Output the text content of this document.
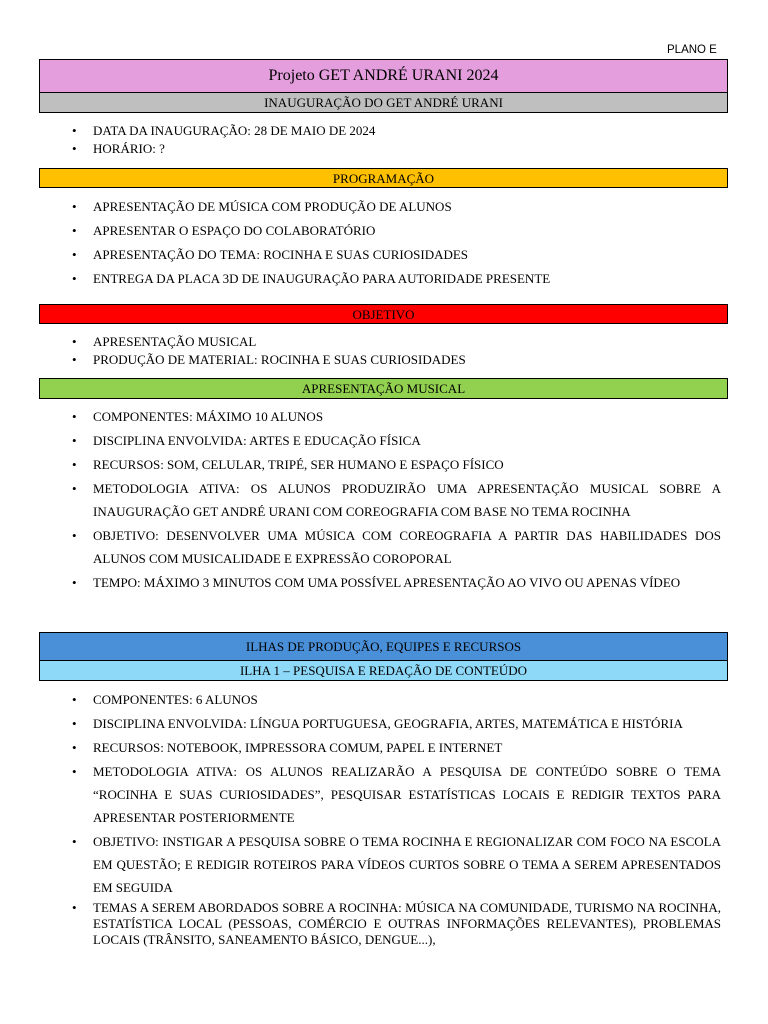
PLANO E
Projeto GET ANDRÉ URANI 2024
INAUGURAÇÃO DO GET ANDRÉ URANI
• DATA DA INAUGURAÇÃO: 28 DE MAIO DE 2024
• HORÁRIO: ?
PROGRAMAÇÃO
• APRESENTAÇÃO DE MÚSICA COM PRODUÇÃO DE ALUNOS
• APRESENTAR O ESPAÇO DO COLABORATÓRIO
• APRESENTAÇÃO DO TEMA: ROCINHA E SUAS CURIOSIDADES
• ENTREGA DA PLACA 3D DE INAUGURAÇÃO PARA AUTORIDADE PRESENTE
OBJETIVO
• APRESENTAÇÃO MUSICAL
• PRODUÇÃO DE MATERIAL: ROCINHA E SUAS CURIOSIDADES
APRESENTAÇÃO MUSICAL
• COMPONENTES: MÁXIMO 10 ALUNOS
• DISCIPLINA ENVOLVIDA: ARTES E EDUCAÇÃO FÍSICA
• RECURSOS: SOM, CELULAR, TRIPÉ, SER HUMANO E ESPAÇO FÍSICO
• METODOLOGIA ATIVA: OS ALUNOS PRODUZIRÃO UMA APRESENTAÇÃO MUSICAL SOBRE A INAUGURAÇÃO GET ANDRÉ URANI COM COREOGRAFIA COM BASE NO TEMA ROCINHA
• OBJETIVO: DESENVOLVER UMA MÚSICA COM COREOGRAFIA A PARTIR DAS HABILIDADES DOS ALUNOS COM MUSICALIDADE E EXPRESSÃO COROPORAL
• TEMPO: MÁXIMO 3 MINUTOS COM UMA POSSÍVEL APRESENTAÇÃO AO VIVO OU APENAS VÍDEO
ILHAS DE PRODUÇÃO, EQUIPES E RECURSOS
ILHA 1 – PESQUISA E REDAÇÃO DE CONTEÚDO
• COMPONENTES: 6 ALUNOS
• DISCIPLINA ENVOLVIDA: LÍNGUA PORTUGUESA, GEOGRAFIA, ARTES, MATEMÁTICA E HISTÓRIA
• RECURSOS: NOTEBOOK, IMPRESSORA COMUM, PAPEL E INTERNET
• METODOLOGIA ATIVA: OS ALUNOS REALIZARÃO A PESQUISA DE CONTEÚDO SOBRE O TEMA “ROCINHA E SUAS CURIOSIDADES”, PESQUISAR ESTATÍSTICAS LOCAIS E REDIGIR TEXTOS PARA APRESENTAR POSTERIORMENTE
• OBJETIVO: INSTIGAR A PESQUISA SOBRE O TEMA ROCINHA E REGIONALIZAR COM FOCO NA ESCOLA EM QUESTÃO; E REDIGIR ROTEIROS PARA VÍDEOS CURTOS SOBRE O TEMA A SEREM APRESENTADOS EM SEGUIDA
• TEMAS A SEREM ABORDADOS SOBRE A ROCINHA: MÚSICA NA COMUNIDADE, TURISMO NA ROCINHA, ESTATÍSTICA LOCAL (PESSOAS, COMÉRCIO E OUTRAS INFORMAÇÕES RELEVANTES), PROBLEMAS LOCAIS (TRÂNSITO, SANEAMENTO BÁSICO, DENGUE...),
